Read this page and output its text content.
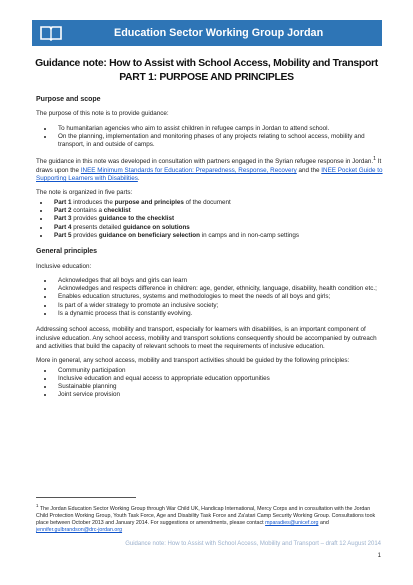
Education Sector Working Group Jordan
Guidance note: How to Assist with School Access, Mobility and Transport
PART 1: PURPOSE AND PRINCIPLES
Purpose and scope

The purpose of this note is to provide guidance:

• To humanitarian agencies who aim to assist children in refugee camps in Jordan to attend school.
• On the planning, implementation and monitoring phases of any projects relating to school access, mobility and transport, in and outside of camps.

The guidance in this note was developed in consultation with partners engaged in the Syrian refugee response in Jordan.$^1$ It draws upon the INEE Minimum Standards for Education: Preparedness, Response, Recovery and the INEE Pocket Guide to Supporting Learners with Disabilities.

The note is organized in five parts:

• Part 1 introduces the purpose and principles of the document
• Part 2 contains a checklist
• Part 3 provides guidance to the checklist
• Part 4 presents detailed guidance on solutions
• Part 5 provides guidance on beneficiary selection in camps and in non-camp settings
General principles

Inclusive education:

• Acknowledges that all boys and girls can learn
• Acknowledges and respects difference in children: age, gender, ethnicity, language, disability, health condition etc.;
• Enables education structures, systems and methodologies to meet the needs of all boys and girls;
• Is part of a wider strategy to promote an inclusive society;
• Is a dynamic process that is constantly evolving.

Addressing school access, mobility and transport, especially for learners with disabilities, is an important component of inclusive education. Any school access, mobility and transport solutions consequently should be accompanied by outreach and activities that build the capacity of relevant schools to meet the requirements of inclusive education.

More in general, any school access, mobility and transport activities should be guided by the following principles:

• Community participation
• Inclusive education and equal access to appropriate education opportunities
• Sustainable planning
• Joint service provision
$^1$ The Jordan Education Sector Working Group through War Child UK, Handicap International, Mercy Corps and in consultation with the Jordan Child Protection Working Group, Youth Task Force, Age and Disability Task Force and Za'atari Camp Security Working Group. Consultations took place between October 2013 and January 2014. For suggestions or amendments, please contact mparadies@unicef.org and jennifer.gulbrandson@drc-jordan.org
Guidance note: How to Assist with School Access, Mobility and Transport – draft 12 August 2014
1
